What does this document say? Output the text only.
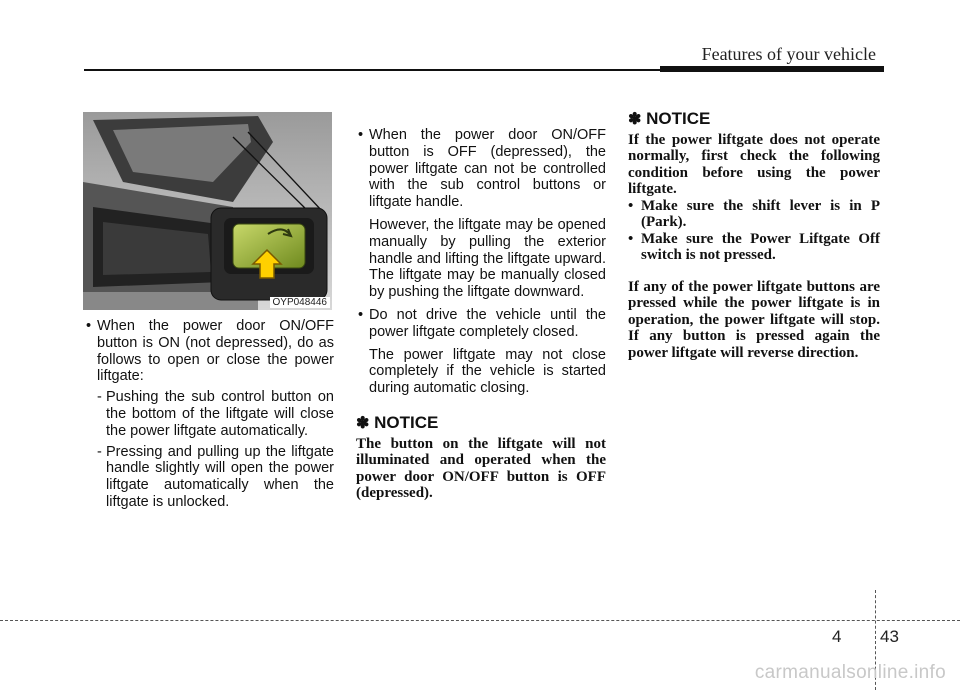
Features of your vehicle
OYP048446
• When the power door ON/OFF button is ON (not depressed), do as follows to open or close the power liftgate:
- Pushing the sub control button on the bottom of the liftgate will close the power liftgate automatically.
- Pressing and pulling up the liftgate handle slightly will open the power liftgate automatically when the liftgate is unlocked.
• When the power door ON/OFF button is OFF (depressed), the power liftgate can not be controlled with the sub control buttons or liftgate handle.
However, the liftgate may be opened manually by pulling the exterior handle and lifting the liftgate upward. The liftgate may be manually closed by pushing the liftgate downward.
• Do not drive the vehicle until the power liftgate completely closed.
The power liftgate may not close completely if the vehicle is started during automatic closing.
✽ NOTICE
The button on the liftgate will not illuminated and operated when the power door ON/OFF button is OFF (depressed).
✽ NOTICE
If the power liftgate does not operate normally, first check the following condition before using the power liftgate.
• Make sure the shift lever is in P (Park).
• Make sure the Power Liftgate Off switch is not pressed.
If any of the power liftgate buttons are pressed while the power liftgate is in operation, the power liftgate will stop. If any button is pressed again the power liftgate will reverse direction.
4 43
carmanualsonline.info
